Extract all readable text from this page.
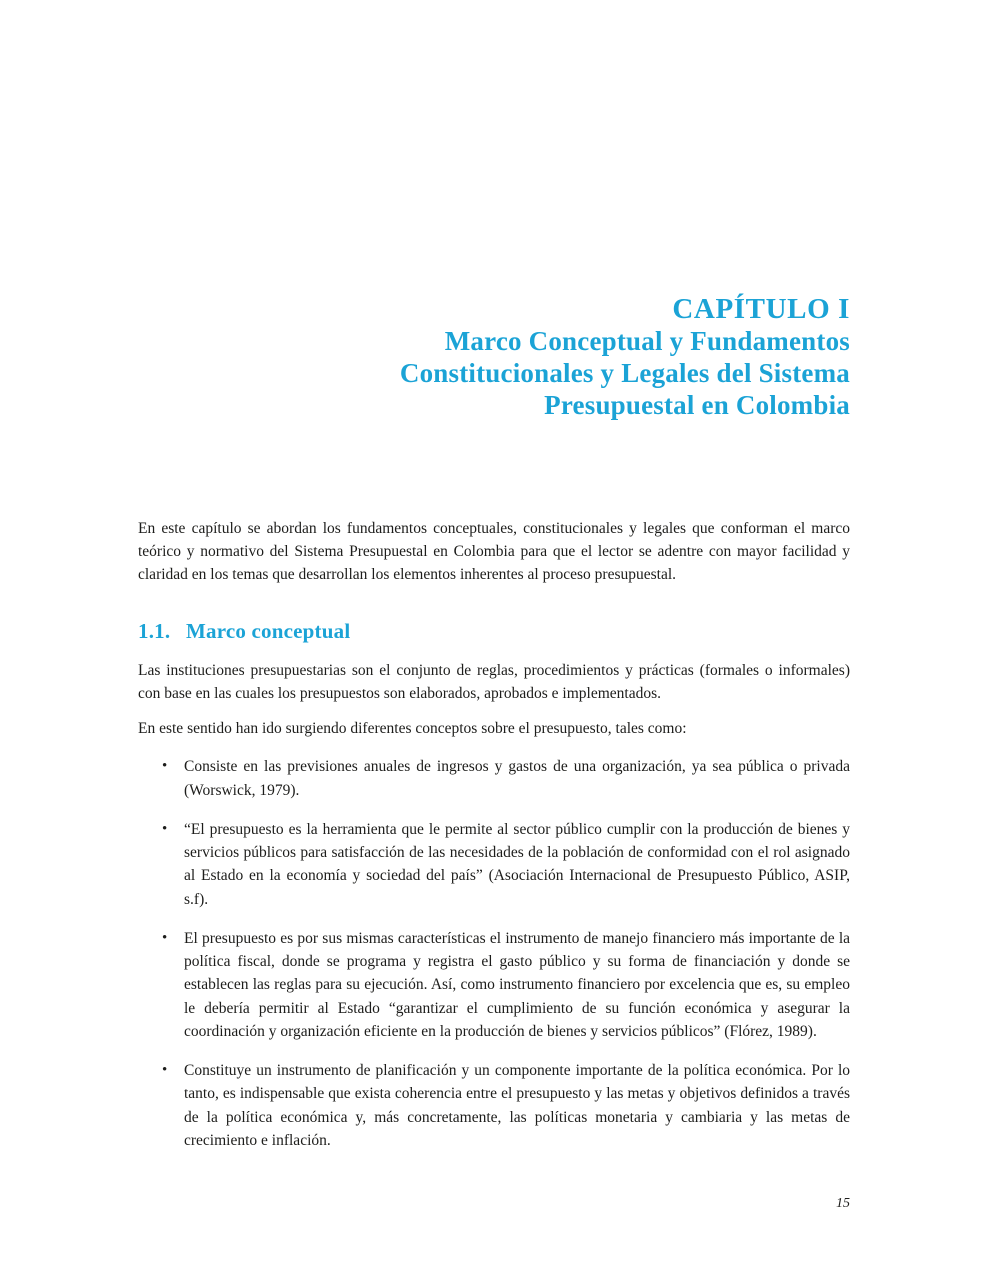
CAPÍTULO I
Marco Conceptual y Fundamentos
Constitucionales y Legales del Sistema
Presupuestal en Colombia

En este capítulo se abordan los fundamentos conceptuales, constitucionales y legales que conforman el marco teórico y normativo del Sistema Presupuestal en Colombia para que el lector se adentre con mayor facilidad y claridad en los temas que desarrollan los elementos inherentes al proceso presupuestal.

1.1. Marco conceptual

Las instituciones presupuestarias son el conjunto de reglas, procedimientos y prácticas (formales o informales) con base en las cuales los presupuestos son elaborados, aprobados e implementados.

En este sentido han ido surgiendo diferentes conceptos sobre el presupuesto, tales como:

• Consiste en las previsiones anuales de ingresos y gastos de una organización, ya sea pública o privada (Worswick, 1979).
• “El presupuesto es la herramienta que le permite al sector público cumplir con la producción de bienes y servicios públicos para satisfacción de las necesidades de la población de conformidad con el rol asignado al Estado en la economía y sociedad del país” (Asociación Internacional de Presupuesto Público, ASIP, s.f).
• El presupuesto es por sus mismas características el instrumento de manejo financiero más importante de la política fiscal, donde se programa y registra el gasto público y su forma de financiación y donde se establecen las reglas para su ejecución. Así, como instrumento financiero por excelencia que es, su empleo le debería permitir al Estado “garantizar el cumplimiento de su función económica y asegurar la coordinación y organización eficiente en la producción de bienes y servicios públicos” (Flórez, 1989).
• Constituye un instrumento de planificación y un componente importante de la política económica. Por lo tanto, es indispensable que exista coherencia entre el presupuesto y las metas y objetivos definidos a través de la política económica y, más concretamente, las políticas monetaria y cambiaria y las metas de crecimiento e inflación.
15
